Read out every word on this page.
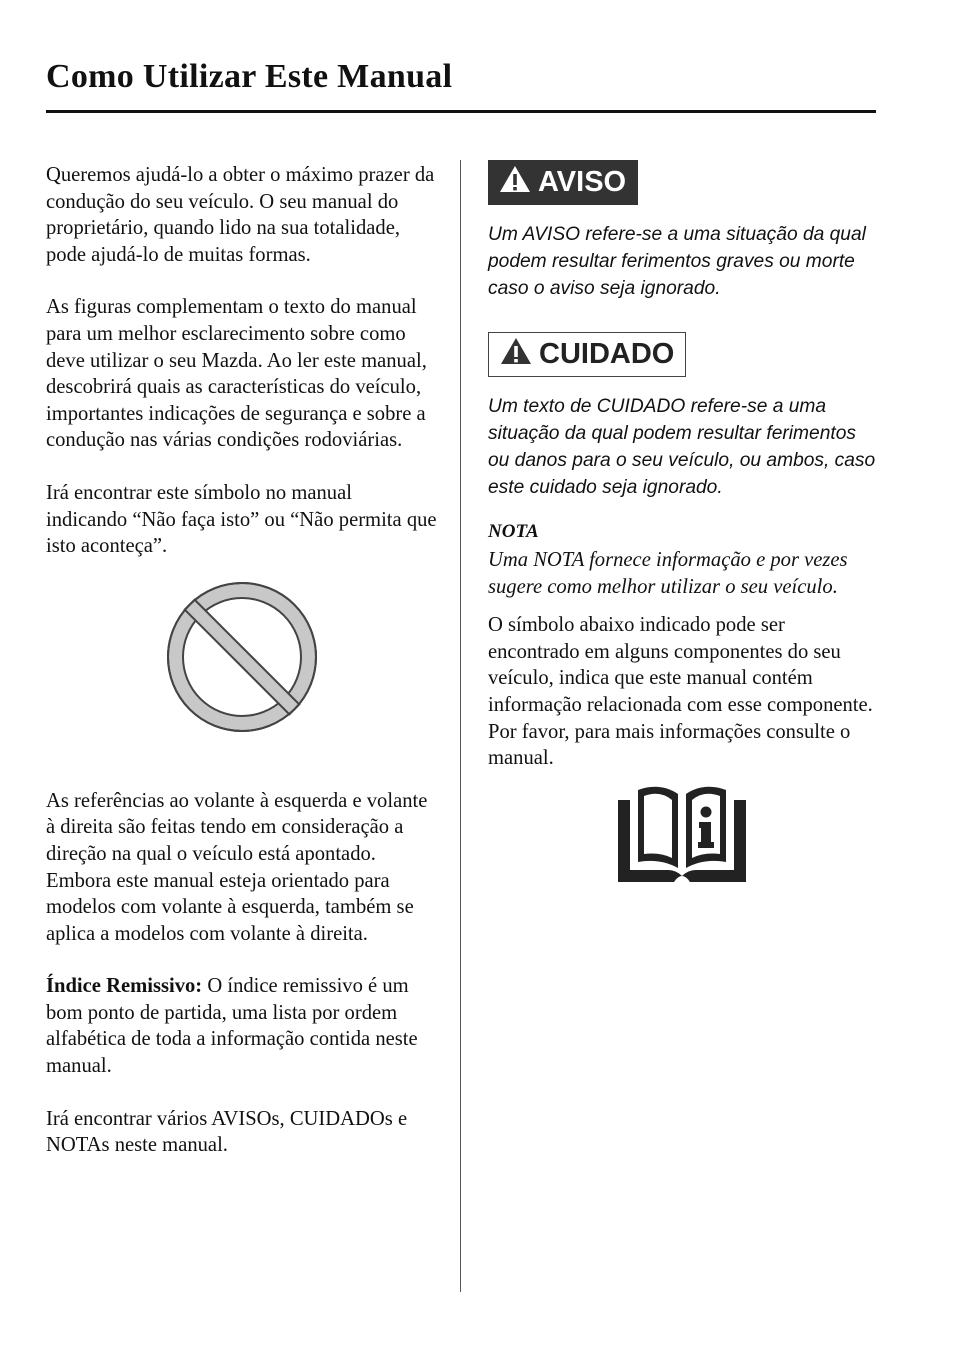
Como Utilizar Este Manual

Queremos ajudá-lo a obter o máximo prazer da condução do seu veículo. O seu manual do proprietário, quando lido na sua totalidade, pode ajudá-lo de muitas formas.

As figuras complementam o texto do manual para um melhor esclarecimento sobre como deve utilizar o seu Mazda. Ao ler este manual, descobrirá quais as características do veículo, importantes indicações de segurança e sobre a condução nas várias condições rodoviárias.

Irá encontrar este símbolo no manual indicando “Não faça isto” ou “Não permita que isto aconteça”.

As referências ao volante à esquerda e volante à direita são feitas tendo em consideração a direção na qual o veículo está apontado. Embora este manual esteja orientado para modelos com volante à esquerda, também se aplica a modelos com volante à direita.

Índice Remissivo: O índice remissivo é um bom ponto de partida, uma lista por ordem alfabética de toda a informação contida neste manual.

Irá encontrar vários AVISOs, CUIDADOs e NOTAs neste manual.

AVISO
Um AVISO refere-se a uma situação da qual podem resultar ferimentos graves ou morte caso o aviso seja ignorado.
CUIDADO
Um texto de CUIDADO refere-se a uma situação da qual podem resultar ferimentos ou danos para o seu veículo, ou ambos, caso este cuidado seja ignorado.
NOTA
Uma NOTA fornece informação e por vezes sugere como melhor utilizar o seu veículo.

O símbolo abaixo indicado pode ser encontrado em alguns componentes do seu veículo, indica que este manual contém informação relacionada com esse componente.

Por favor, para mais informações consulte o manual.
